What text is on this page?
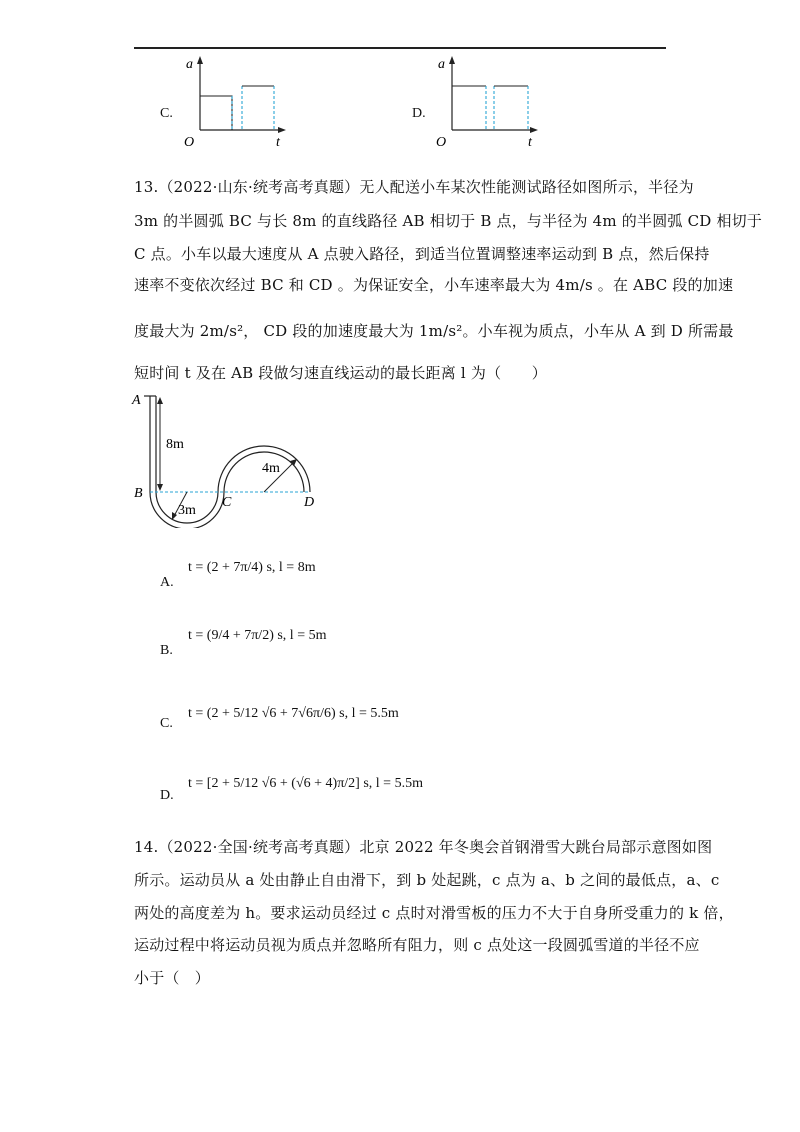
C.
a
O	t
D.
a
O	t
13.（2022·山东·统考高考真题）无人配送小车某次性能测试路径如图所示，半径为
3m 的半圆弧 BC 与长 8m 的直线路径 AB 相切于 B 点，与半径为 4m 的半圆弧 CD 相切于
C 点。小车以最大速度从 A 点驶入路径，到适当位置调整速率运动到 B 点，然后保持
速率不变依次经过 BC 和 CD 。为保证安全，小车速率最大为 4m/s 。在 ABC 段的加速
度最大为 2m/s²， CD 段的加速度最大为 1m/s²。小车视为质点，小车从 A 到 D 所需最
短时间 t 及在 AB 段做匀速直线运动的最长距离 l 为（　　）
A
8m
B
3m
C
4m
D
A.
t = (2 + 7π/4) s, l = 8m
B.
t = (9/4 + 7π/2) s, l = 5m
C.
t = (2 + 5/12 √6 + 7√6π/6) s, l = 5.5m
D.
t = [2 + 5/12 √6 + (√6 + 4)π/2] s, l = 5.5m
14.（2022·全国·统考高考真题）北京 2022 年冬奥会首钢滑雪大跳台局部示意图如图
所示。运动员从 a 处由静止自由滑下，到 b 处起跳，c 点为 a、b 之间的最低点，a、c
两处的高度差为 h。要求运动员经过 c 点时对滑雪板的压力不大于自身所受重力的 k 倍，
运动过程中将运动员视为质点并忽略所有阻力，则 c 点处这一段圆弧雪道的半径不应
小于（　）
